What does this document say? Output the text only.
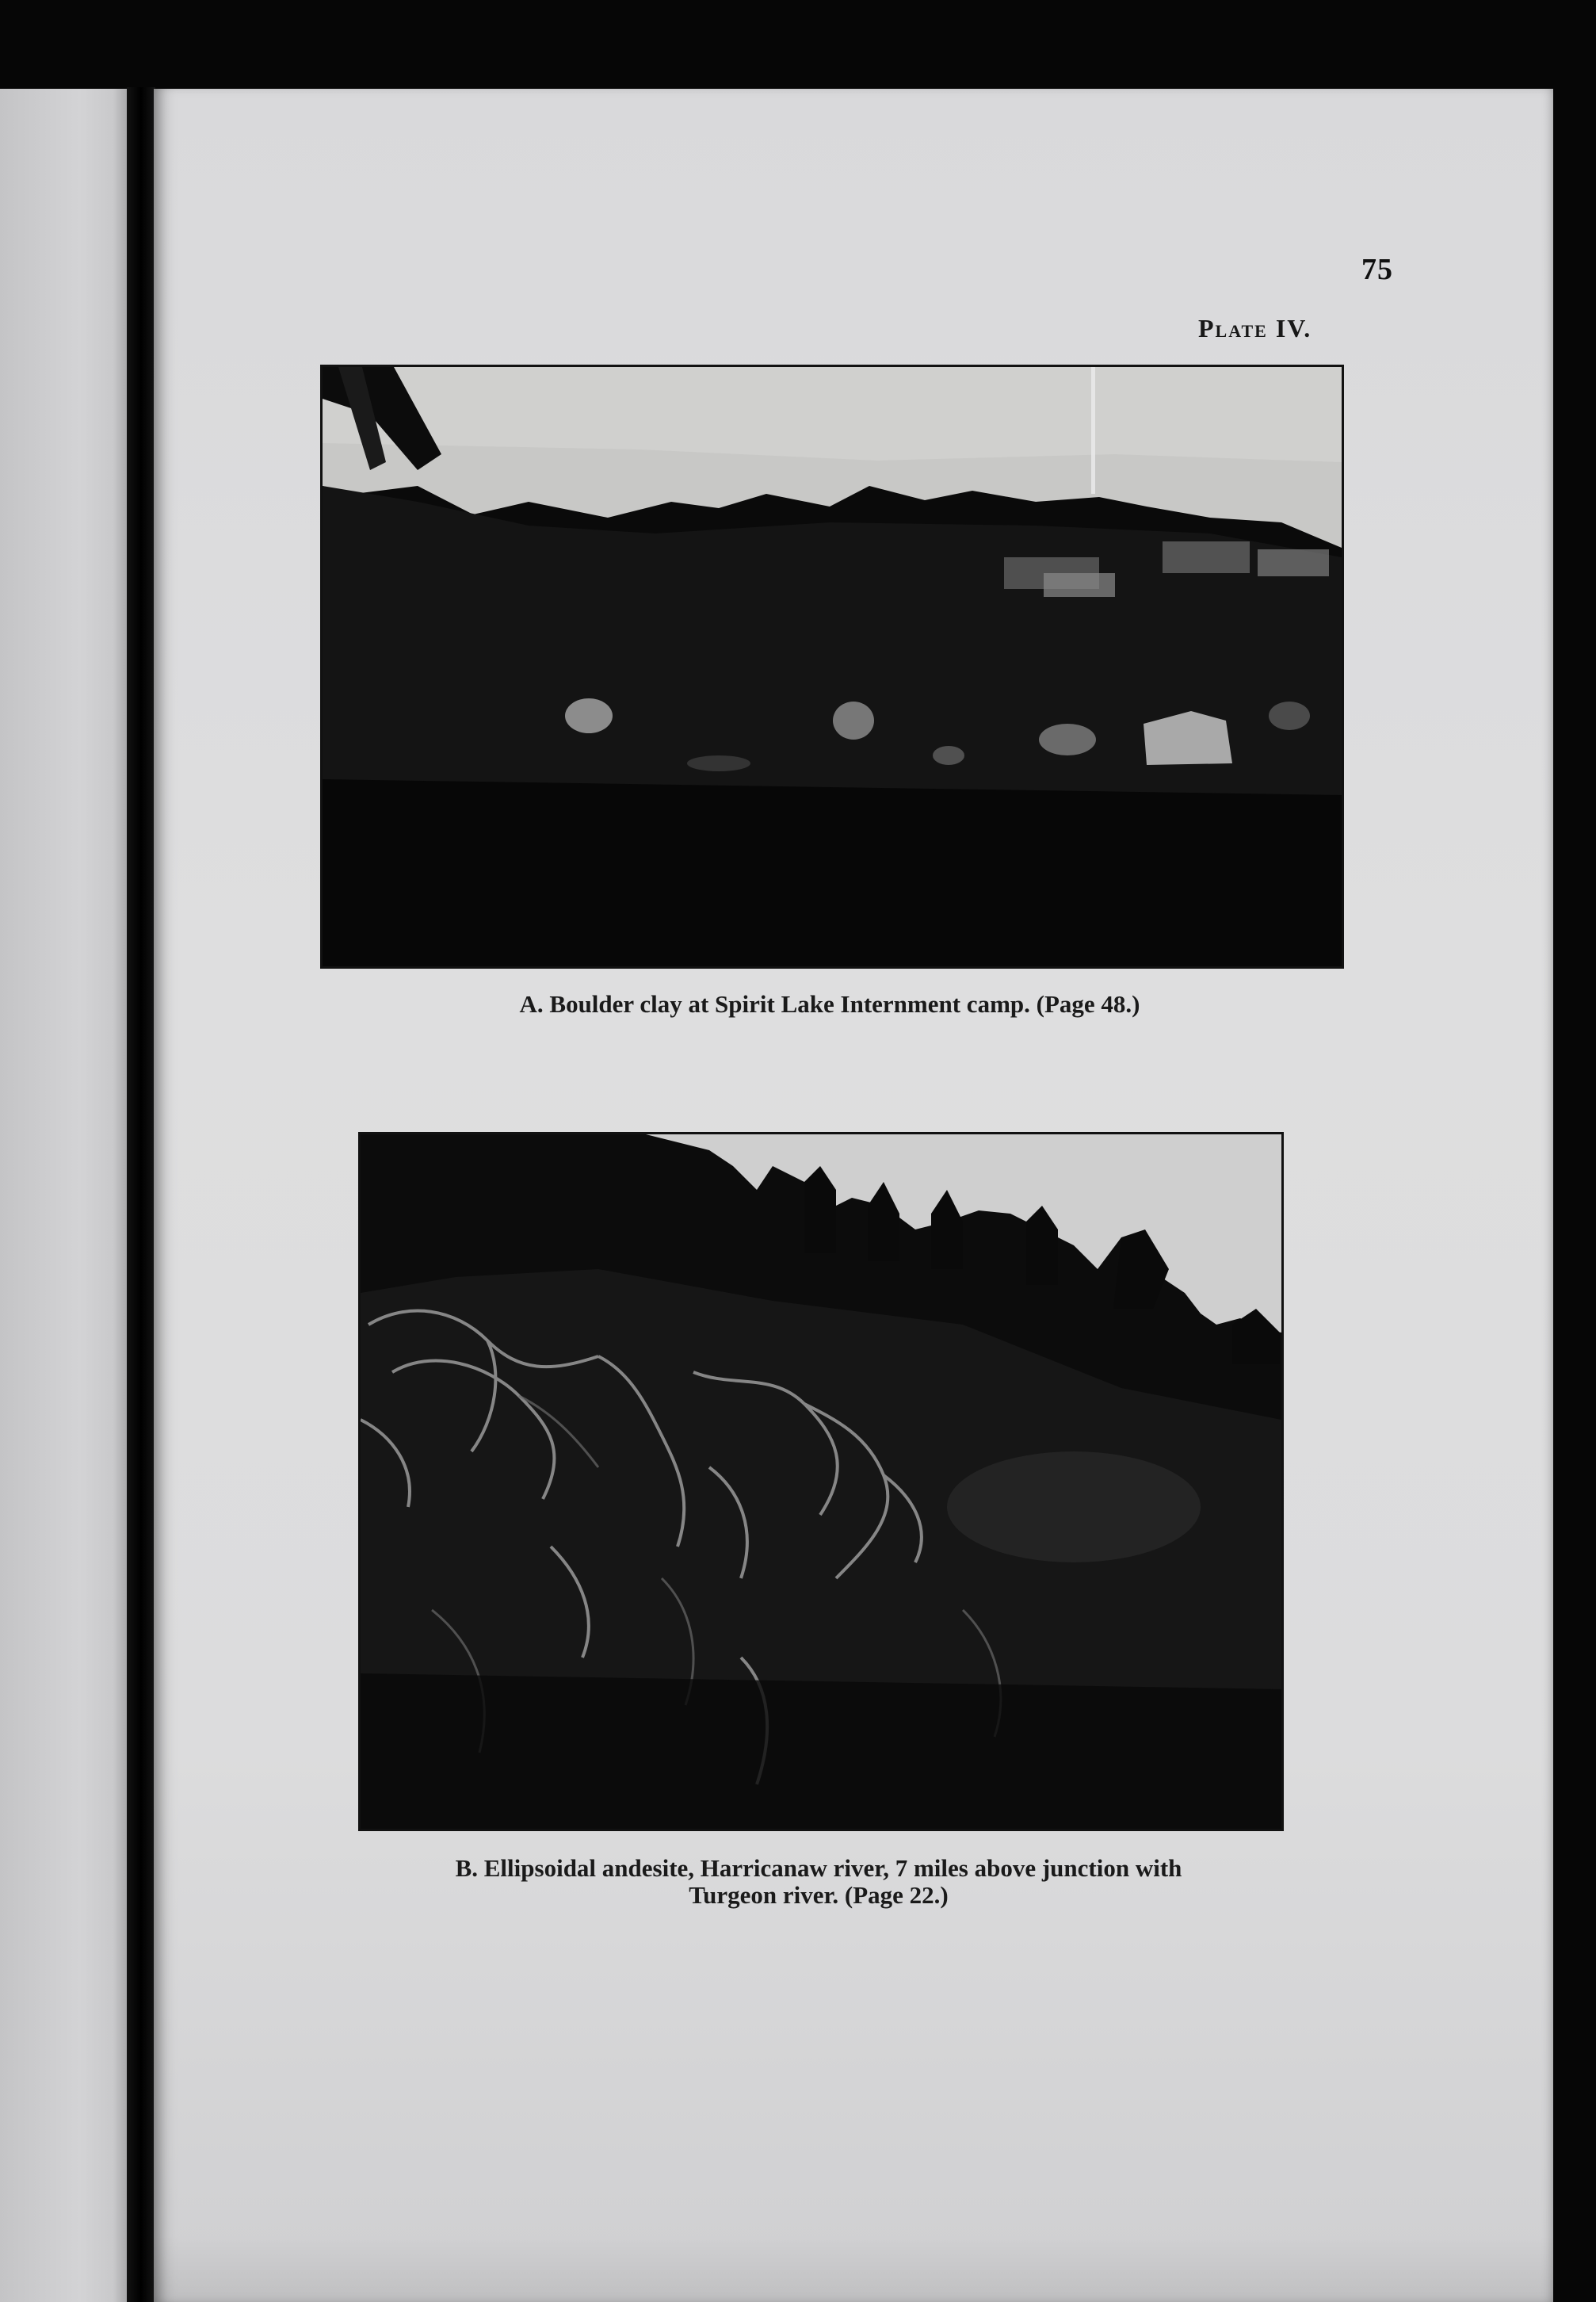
75
Plate IV.
A. Boulder clay at Spirit Lake Internment camp. (Page 48.)
B. Ellipsoidal andesite, Harricanaw river, 7 miles above junction with
Turgeon river. (Page 22.)
